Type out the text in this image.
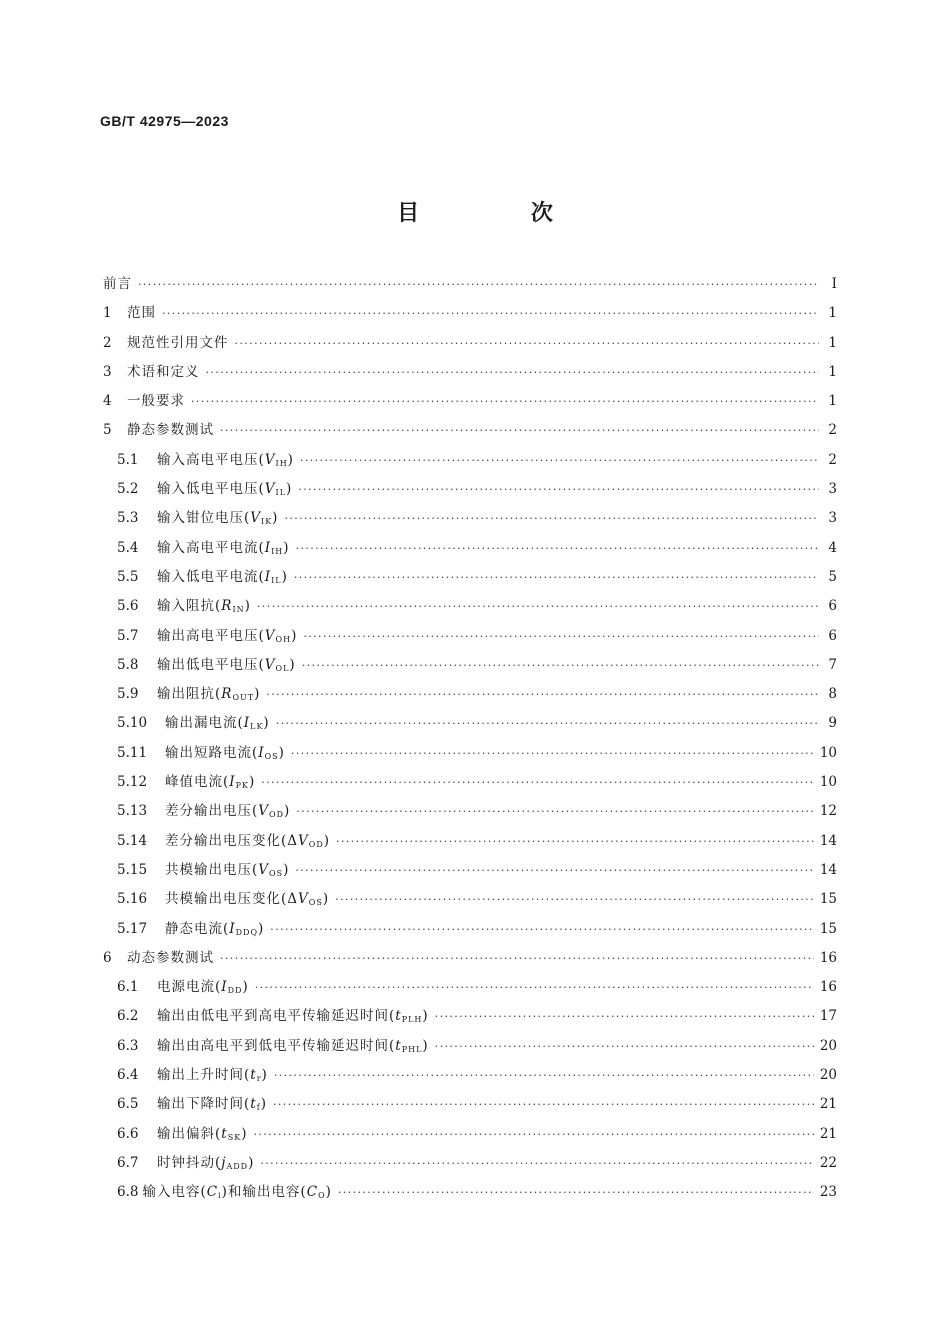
GB/T 42975—2023
目 次
前言 ·····	Ⅰ
1	范围 ·····	1
2	规范性引用文件 ·····	1
3	术语和定义 ·····	1
4	一般要求 ·····	1
5	静态参数测试 ·····	2
5.1	输入高电平电压$(V_{IH})$ ·····	2
5.2	输入低电平电压$(V_{IL})$ ·····	3
5.3	输入钳位电压$(V_{IK})$ ·····	3
5.4	输入高电平电流$(I_{IH})$ ·····	4
5.5	输入低电平电流$(I_{IL})$ ·····	5
5.6	输入阻抗$(R_{IN})$ ·····	6
5.7	输出高电平电压$(V_{OH})$ ·····	6
5.8	输出低电平电压$(V_{OL})$ ·····	7
5.9	输出阻抗$(R_{OUT})$ ·····	8
5.10	输出漏电流$(I_{LK})$ ·····	9
5.11	输出短路电流$(I_{OS})$ ·····	10
5.12	峰值电流$(I_{PK})$ ·····	10
5.13	差分输出电压$(V_{OD})$ ·····	12
5.14	差分输出电压变化$(\Delta V_{OD})$ ·····	14
5.15	共模输出电压$(V_{OS})$ ·····	14
5.16	共模输出电压变化$(\Delta V_{OS})$ ·····	15
5.17	静态电流$(I_{DDQ})$ ·····	15
6	动态参数测试 ·····	16
6.1	电源电流$(I_{DD})$ ·····	16
6.2	输出由低电平到高电平传输延迟时间$(t_{PLH})$ ·····	17
6.3	输出由高电平到低电平传输延迟时间$(t_{PHL})$ ·····	20
6.4	输出上升时间$(t_r)$ ·····	20
6.5	输出下降时间$(t_f)$ ·····	21
6.6	输出偏斜$(t_{SK})$ ·····	21
6.7	时钟抖动$(j_{ADD})$ ·····	22
6.8 输入电容$(C_i)$和输出电容$(C_O)$ ·····	23
